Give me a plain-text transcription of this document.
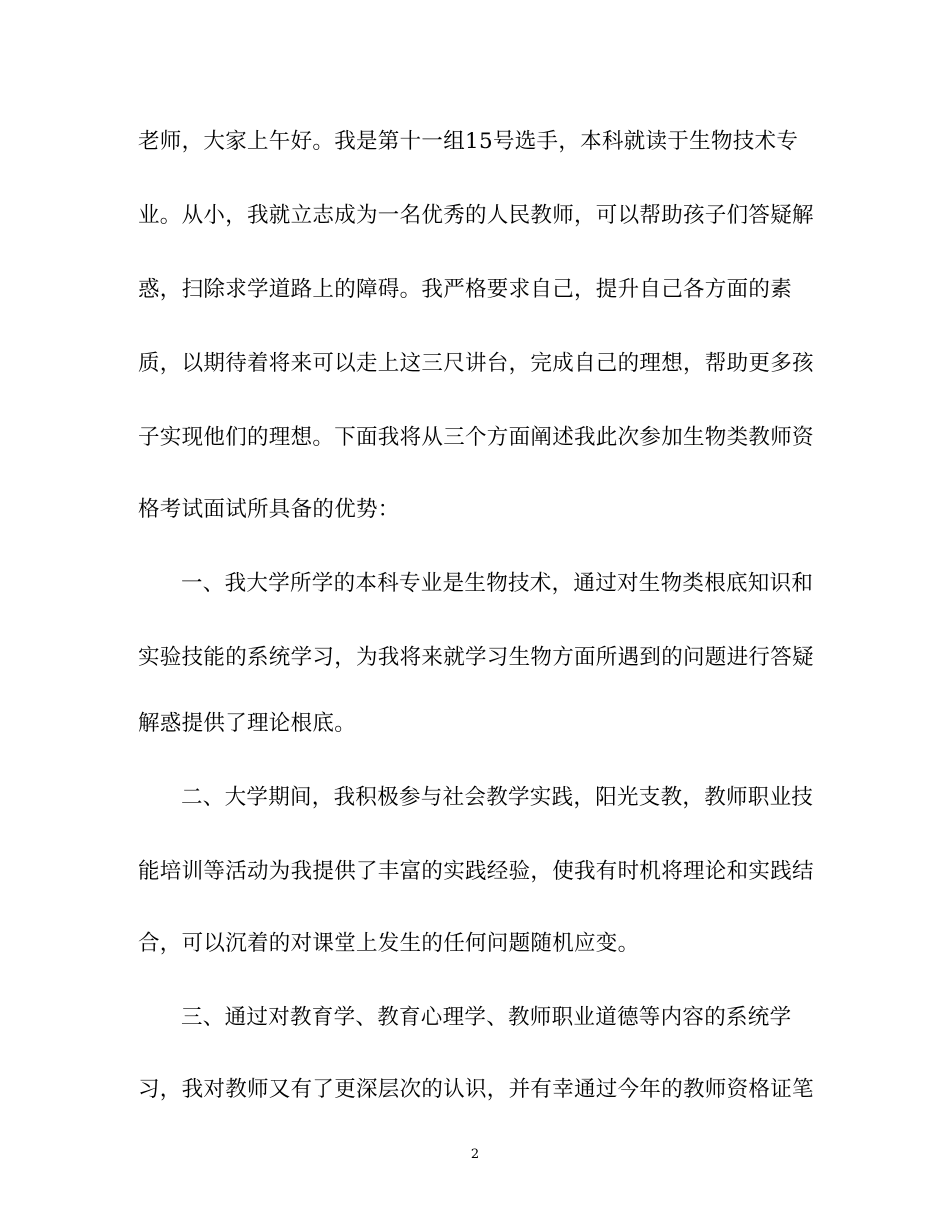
老师，大家上午好。我是第十一组15号选手，本科就读于生物技术专
业。从小，我就立志成为一名优秀的人民教师，可以帮助孩子们答疑解
惑，扫除求学道路上的障碍。我严格要求自己，提升自己各方面的素
质，以期待着将来可以走上这三尺讲台，完成自己的理想，帮助更多孩
子实现他们的理想。下面我将从三个方面阐述我此次参加生物类教师资
格考试面试所具备的优势：
一、我大学所学的本科专业是生物技术，通过对生物类根底知识和
实验技能的系统学习，为我将来就学习生物方面所遇到的问题进行答疑
解惑提供了理论根底。
二、大学期间，我积极参与社会教学实践，阳光支教，教师职业技
能培训等活动为我提供了丰富的实践经验，使我有时机将理论和实践结
合，可以沉着的对课堂上发生的任何问题随机应变。
三、通过对教育学、教育心理学、教师职业道德等内容的系统学
习，我对教师又有了更深层次的认识，并有幸通过今年的教师资格证笔
2
